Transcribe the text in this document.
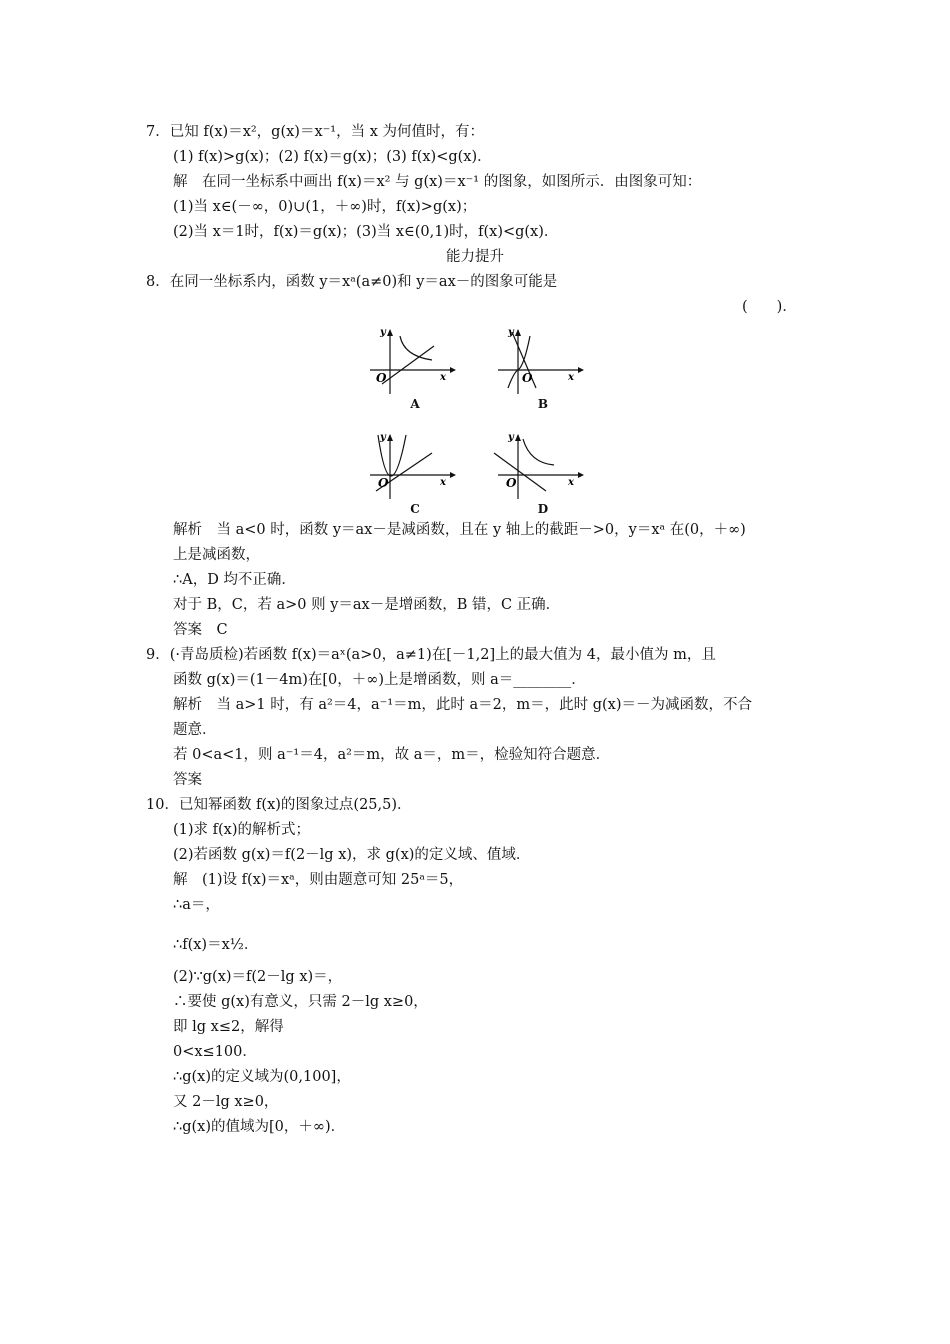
7．已知 f(x)＝x²，g(x)＝x⁻¹，当 x 为何值时，有：
(1) f(x)>g(x)；(2) f(x)＝g(x)；(3) f(x)<g(x)．
解　在同一坐标系中画出 f(x)＝x² 与 g(x)＝x⁻¹ 的图象，如图所示．由图象可知：
(1)当 x∈(－∞，0)∪(1，＋∞)时，f(x)>g(x)；
(2)当 x＝1时，f(x)＝g(x)；(3)当 x∈(0,1)时，f(x)<g(x)．
能力提升
8．在同一坐标系内，函数 y＝xᵃ(a≠0)和 y＝ax－的图象可能是
(　　)．
y
x
O
A
y
x
O
B
y
x
O
C
y
x
O
D
解析　当 a<0 时，函数 y＝ax－是减函数，且在 y 轴上的截距－>0，y＝xᵃ 在(0，＋∞)
上是减函数，
∴A，D 均不正确．
对于 B，C，若 a>0 则 y＝ax－是增函数，B 错，C 正确．
答案　C
9．(·青岛质检)若函数 f(x)＝aˣ(a>0，a≠1)在[－1,2]上的最大值为 4，最小值为 m，且
函数 g(x)＝(1－4m)在[0，＋∞)上是增函数，则 a＝________．
解析　当 a>1 时，有 a²＝4，a⁻¹＝m，此时 a＝2，m＝，此时 g(x)＝－为减函数，不合
题意．
若 0<a<1，则 a⁻¹＝4，a²＝m，故 a＝，m＝，检验知符合题意．
答案
10．已知幂函数 f(x)的图象过点(25,5)．
(1)求 f(x)的解析式；
(2)若函数 g(x)＝f(2－lg x)，求 g(x)的定义域、值域．
解　(1)设 f(x)＝xᵃ，则由题意可知 25ᵃ＝5，
∴a＝，
∴f(x)＝x½．
(2)∵g(x)＝f(2－lg x)＝，
∴要使 g(x)有意义，只需 2－lg x≥0，
即 lg x≤2，解得
0<x≤100．
∴g(x)的定义域为(0,100]，
又 2－lg x≥0，
∴g(x)的值域为[0，＋∞)．
